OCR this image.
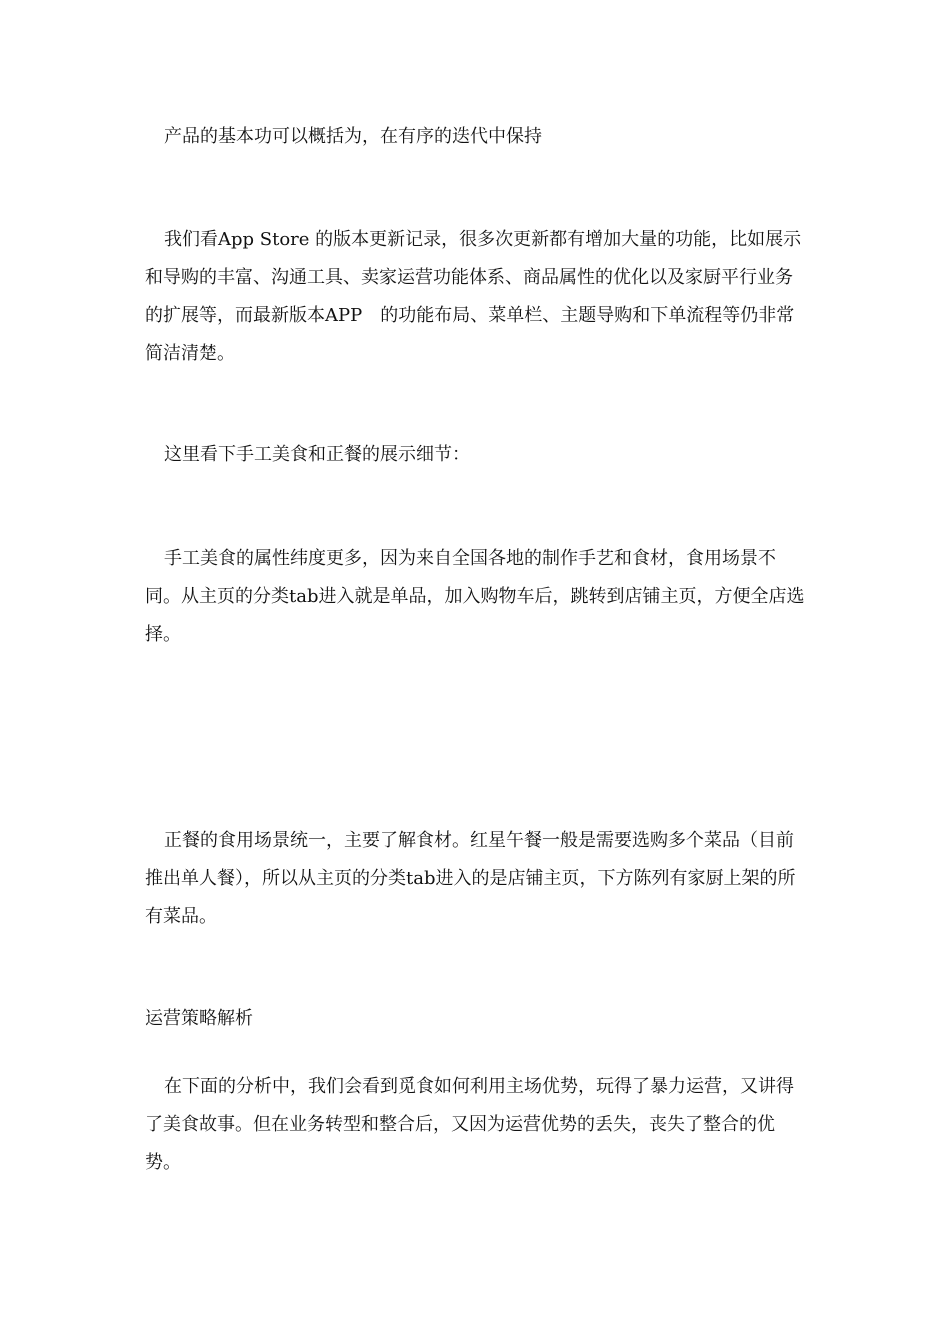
产品的基本功可以概括为，在有序的迭代中保持

我们看App Store 的版本更新记录，很多次更新都有增加大量的功能，比如展示和导购的丰富、沟通工具、卖家运营功能体系、商品属性的优化以及家厨平行业务的扩展等，而最新版本APP　的功能布局、菜单栏、主题导购和下单流程等仍非常简洁清楚。

这里看下手工美食和正餐的展示细节：

手工美食的属性纬度更多，因为来自全国各地的制作手艺和食材，食用场景不同。从主页的分类tab进入就是单品，加入购物车后，跳转到店铺主页，方便全店选择。

正餐的食用场景统一，主要了解食材。红星午餐一般是需要选购多个菜品（目前推出单人餐），所以从主页的分类tab进入的是店铺主页，下方陈列有家厨上架的所有菜品。

运营策略解析

在下面的分析中，我们会看到觅食如何利用主场优势，玩得了暴力运营，又讲得了美食故事。但在业务转型和整合后，又因为运营优势的丢失，丧失了整合的优势。
